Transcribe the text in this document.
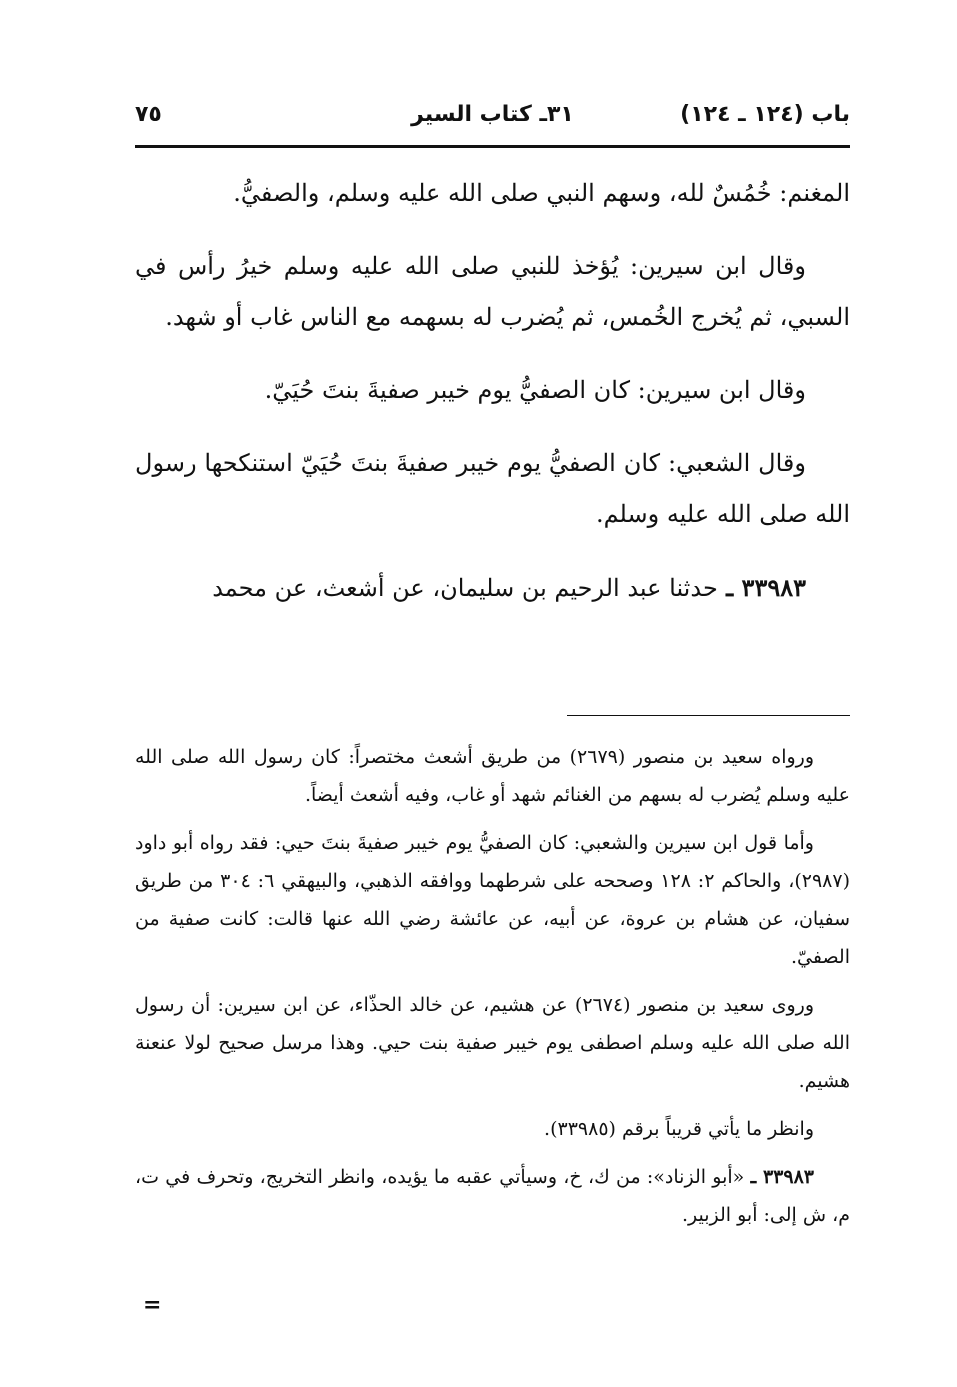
باب (١٢٤ ـ ١٢٤)
٣١ـ كتاب السير
٧٥

المغنم: خُمُسٌ لله، وسهم النبي صلى الله عليه وسلم، والصفيُّ.

وقال ابن سيرين: يُؤخذ للنبي صلى الله عليه وسلم خيرُ رأس في السبي، ثم يُخرج الخُمس، ثم يُضرب له بسهمه مع الناس غاب أو شهد.

وقال ابن سيرين: كان الصفيُّ يوم خيبر صفيةَ بنتَ حُيَيّ.

وقال الشعبي: كان الصفيُّ يوم خيبر صفيةَ بنتَ حُيَيّ استنكحها رسول الله صلى الله عليه وسلم.

٣٣٩٨٣ ـ حدثنا عبد الرحيم بن سليمان، عن أشعث، عن محمد

ورواه سعيد بن منصور (٢٦٧٩) من طريق أشعث مختصراً: كان رسول الله صلى الله عليه وسلم يُضرب له بسهم من الغنائم شهد أو غاب، وفيه أشعث أيضاً.

وأما قول ابن سيرين والشعبي: كان الصفيُّ يوم خيبر صفيةَ بنتَ حيي: فقد رواه أبو داود (٢٩٨٧)، والحاكم ٢: ١٢٨ وصححه على شرطهما ووافقه الذهبي، والبيهقي ٦: ٣٠٤ من طريق سفيان، عن هشام بن عروة، عن أبيه، عن عائشة رضي الله عنها قالت: كانت صفية من الصفيّ.

وروى سعيد بن منصور (٢٦٧٤) عن هشيم، عن خالد الحذّاء، عن ابن سيرين: أن رسول الله صلى الله عليه وسلم اصطفى يوم خيبر صفية بنت حيي. وهذا مرسل صحيح لولا عنعنة هشيم.

وانظر ما يأتي قريباً برقم (٣٣٩٨٥).

٣٣٩٨٣ ـ «أبو الزناد»: من ك، خ، وسيأتي عقبه ما يؤيده، وانظر التخريج، وتحرف في ت، م، ش إلى: أبو الزبير.

=
